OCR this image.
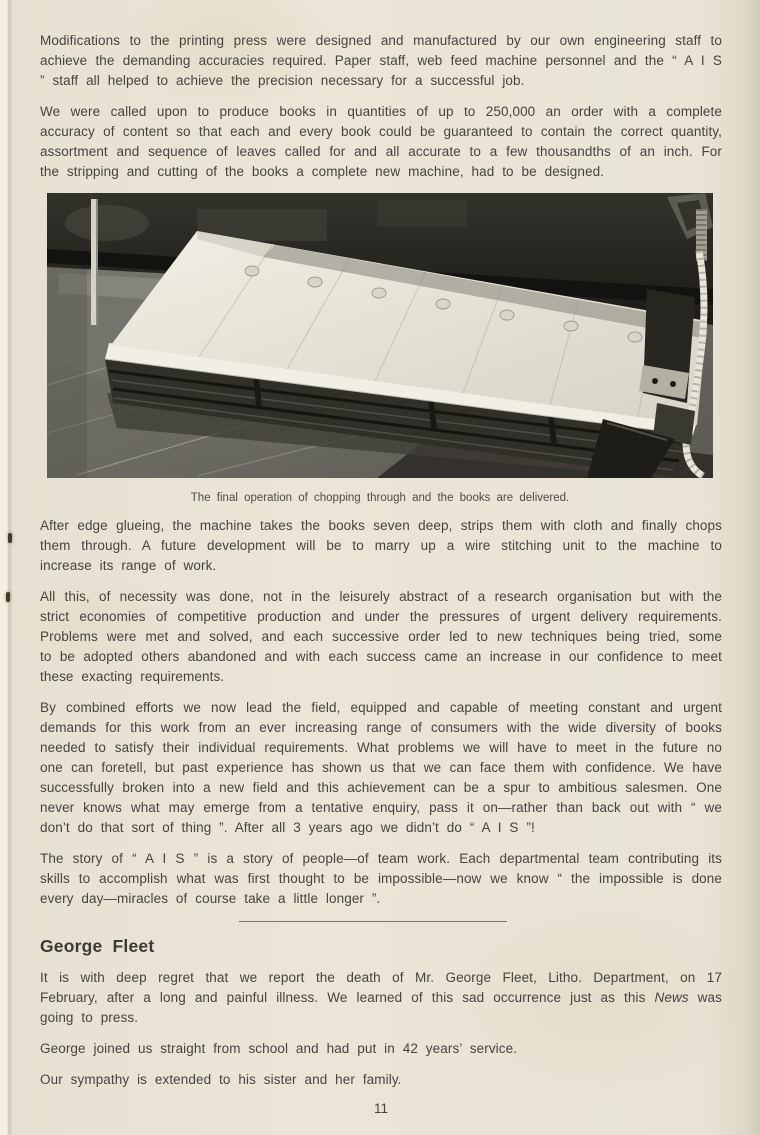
Modifications to the printing press were designed and manufactured by our own engineering staff to achieve the demanding accuracies required. Paper staff, web feed machine personnel and the “ A I S ” staff all helped to achieve the precision necessary for a successful job.

We were called upon to produce books in quantities of up to 250,000 an order with a complete accuracy of content so that each and every book could be guaranteed to contain the correct quantity, assortment and sequence of leaves called for and all accurate to a few thousandths of an inch. For the stripping and cutting of the books a complete new machine, had to be designed.

The final operation of chopping through and the books are delivered.

After edge glueing, the machine takes the books seven deep, strips them with cloth and finally chops them through. A future development will be to marry up a wire stitching unit to the machine to increase its range of work.

All this, of necessity was done, not in the leisurely abstract of a research organisation but with the strict economies of competitive production and under the pressures of urgent delivery requirements. Problems were met and solved, and each successive order led to new techniques being tried, some to be adopted others abandoned and with each success came an increase in our confidence to meet these exacting requirements.

By combined efforts we now lead the field, equipped and capable of meeting constant and urgent demands for this work from an ever increasing range of consumers with the wide diversity of books needed to satisfy their individual requirements. What problems we will have to meet in the future no one can foretell, but past experience has shown us that we can face them with confidence. We have successfully broken into a new field and this achievement can be a spur to ambitious salesmen. One never knows what may emerge from a tentative enquiry, pass it on—rather than back out with “ we don’t do that sort of thing ”. After all 3 years ago we didn’t do “ A I S ”!

The story of “ A I S ” is a story of people—of team work. Each departmental team contributing its skills to accomplish what was first thought to be impossible—now we know “ the impossible is done every day—miracles of course take a little longer ”.

George Fleet

It is with deep regret that we report the death of Mr. George Fleet, Litho. Department, on 17 February, after a long and painful illness. We learned of this sad occurrence just as this News was going to press.

George joined us straight from school and had put in 42 years’ service.

Our sympathy is extended to his sister and her family.

11
